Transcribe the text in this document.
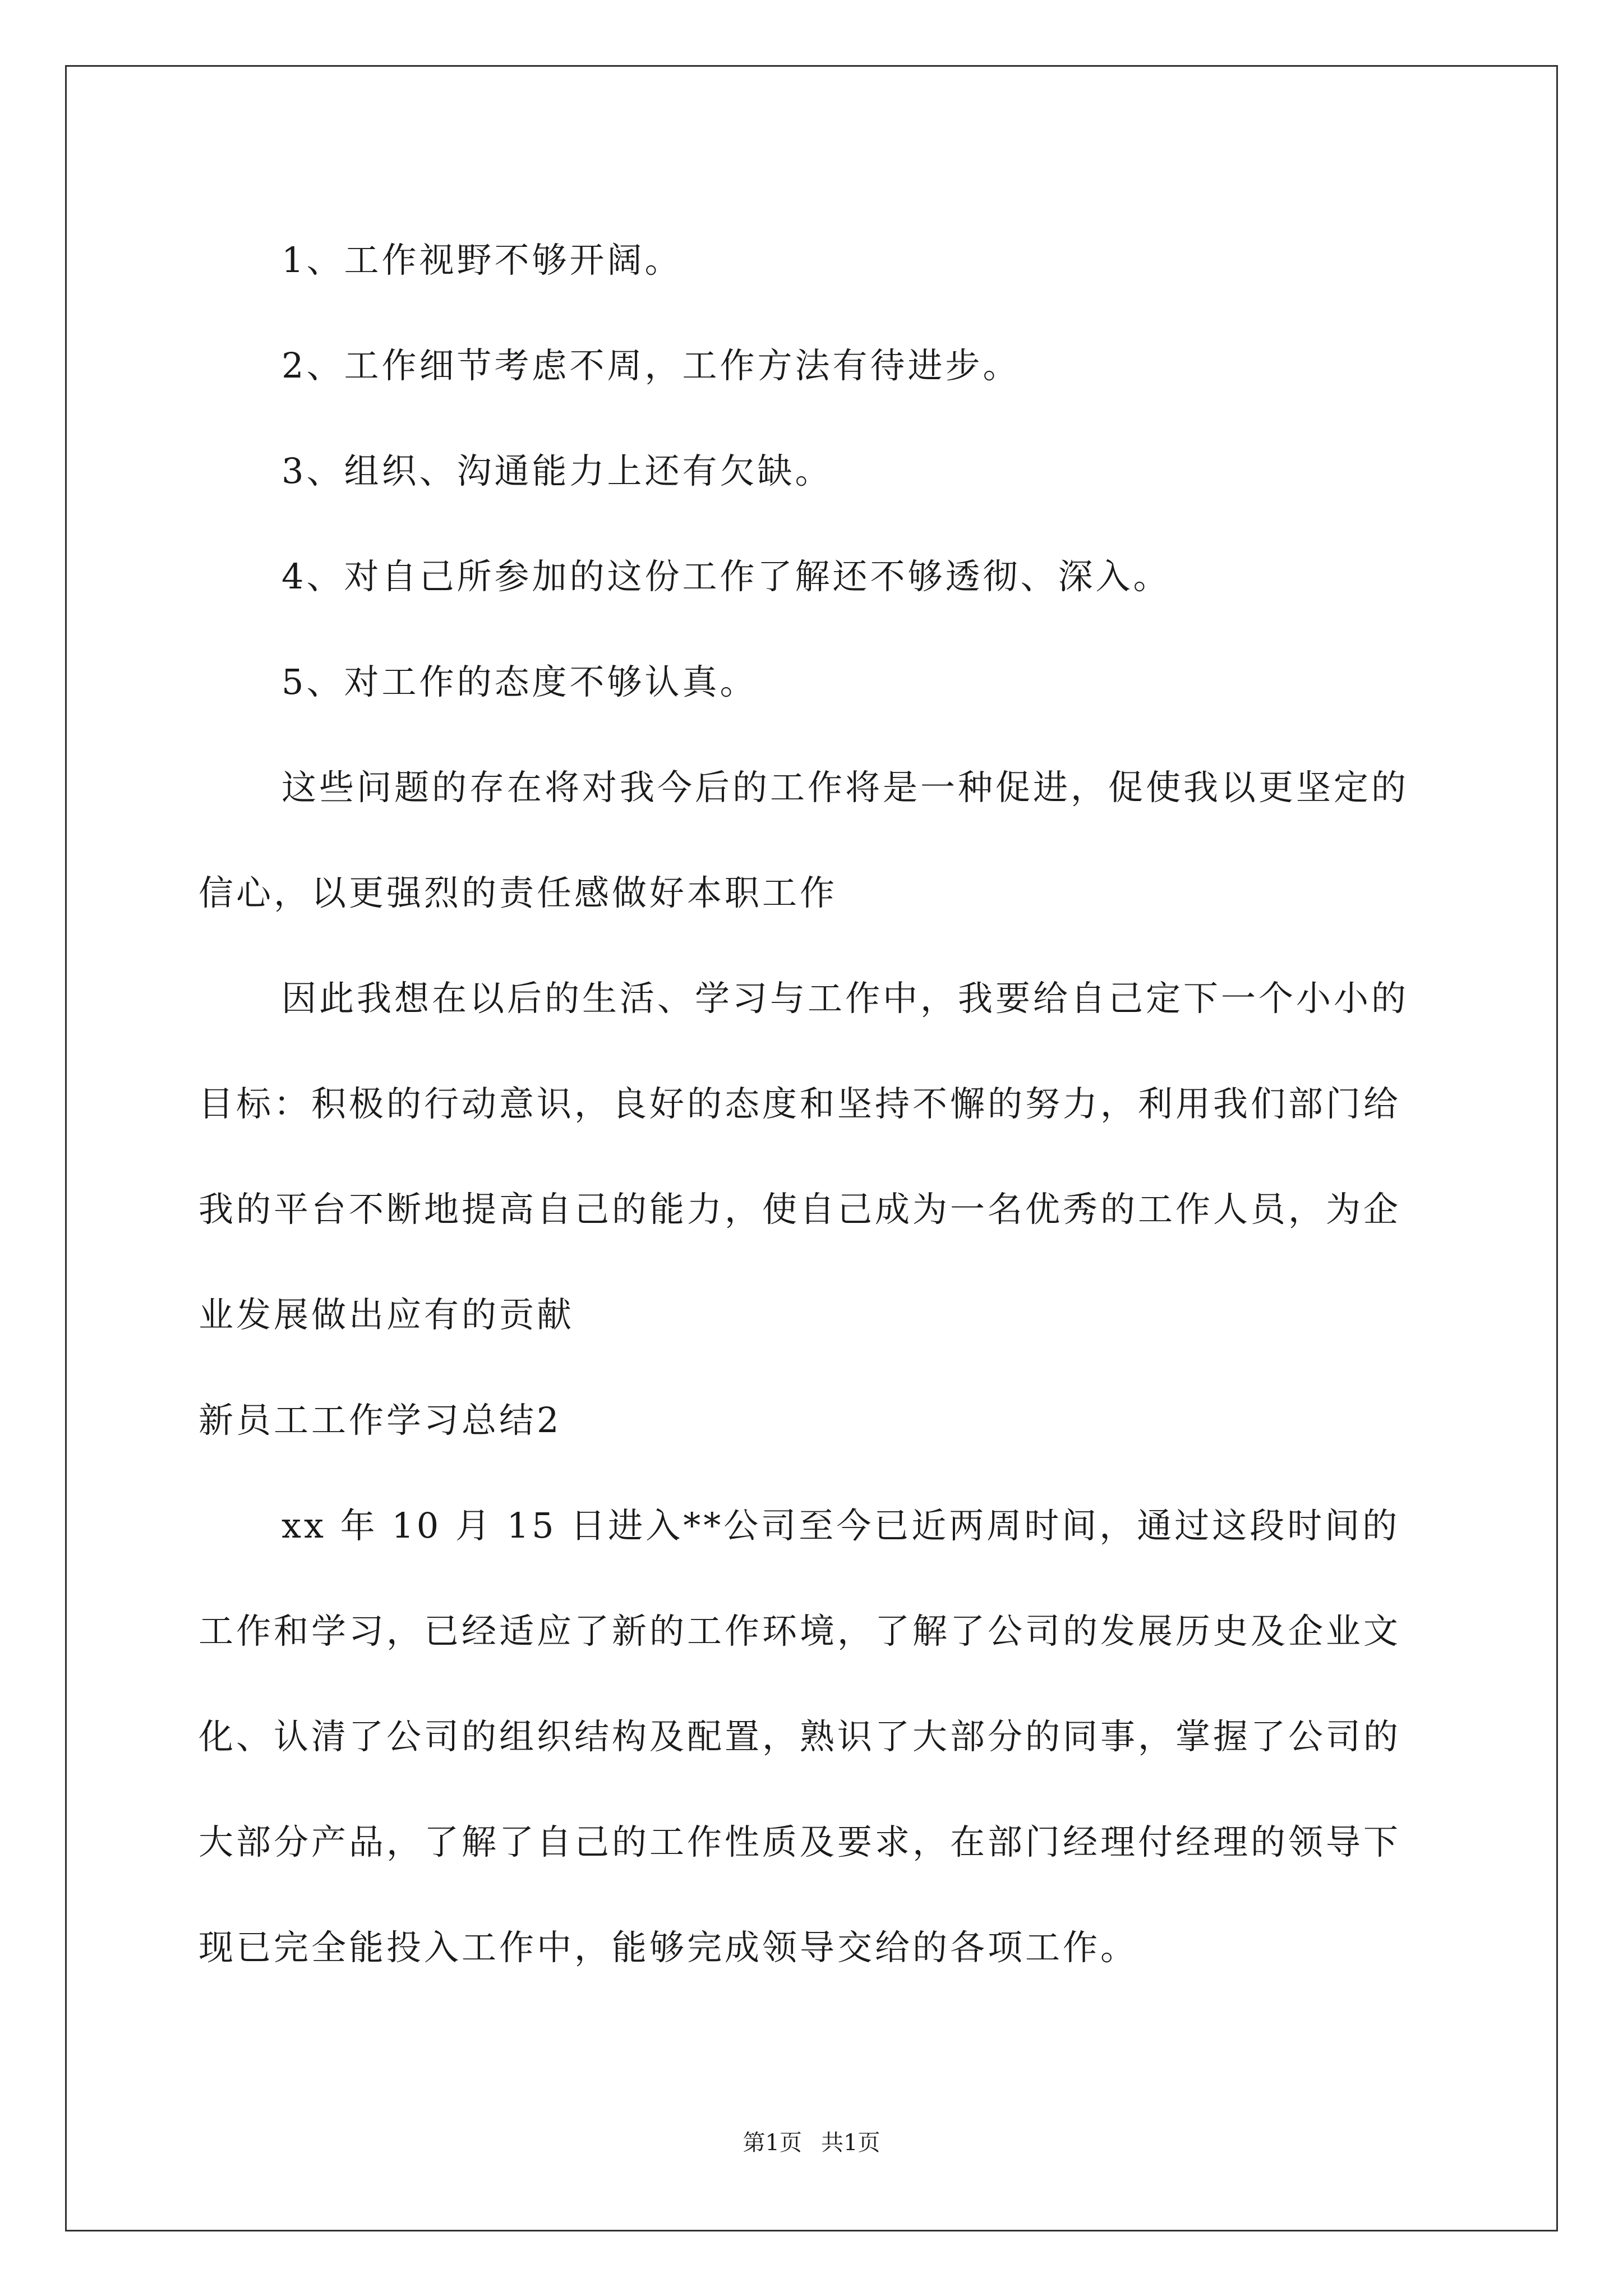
1、工作视野不够开阔。

2、工作细节考虑不周，工作方法有待进步。

3、组织、沟通能力上还有欠缺。

4、对自己所参加的这份工作了解还不够透彻、深入。

5、对工作的态度不够认真。

这些问题的存在将对我今后的工作将是一种促进，促使我以更坚定的信心，以更强烈的责任感做好本职工作

因此我想在以后的生活、学习与工作中，我要给自己定下一个小小的目标：积极的行动意识，良好的态度和坚持不懈的努力，利用我们部门给我的平台不断地提高自己的能力，使自己成为一名优秀的工作人员，为企业发展做出应有的贡献

新员工工作学习总结2

xx 年 10 月 15 日进入**公司至今已近两周时间，通过这段时间的工作和学习，已经适应了新的工作环境，了解了公司的发展历史及企业文化、认清了公司的组织结构及配置，熟识了大部分的同事，掌握了公司的大部分产品，了解了自己的工作性质及要求，在部门经理付经理的领导下现已完全能投入工作中，能够完成领导交给的各项工作。

第1页 共1页
